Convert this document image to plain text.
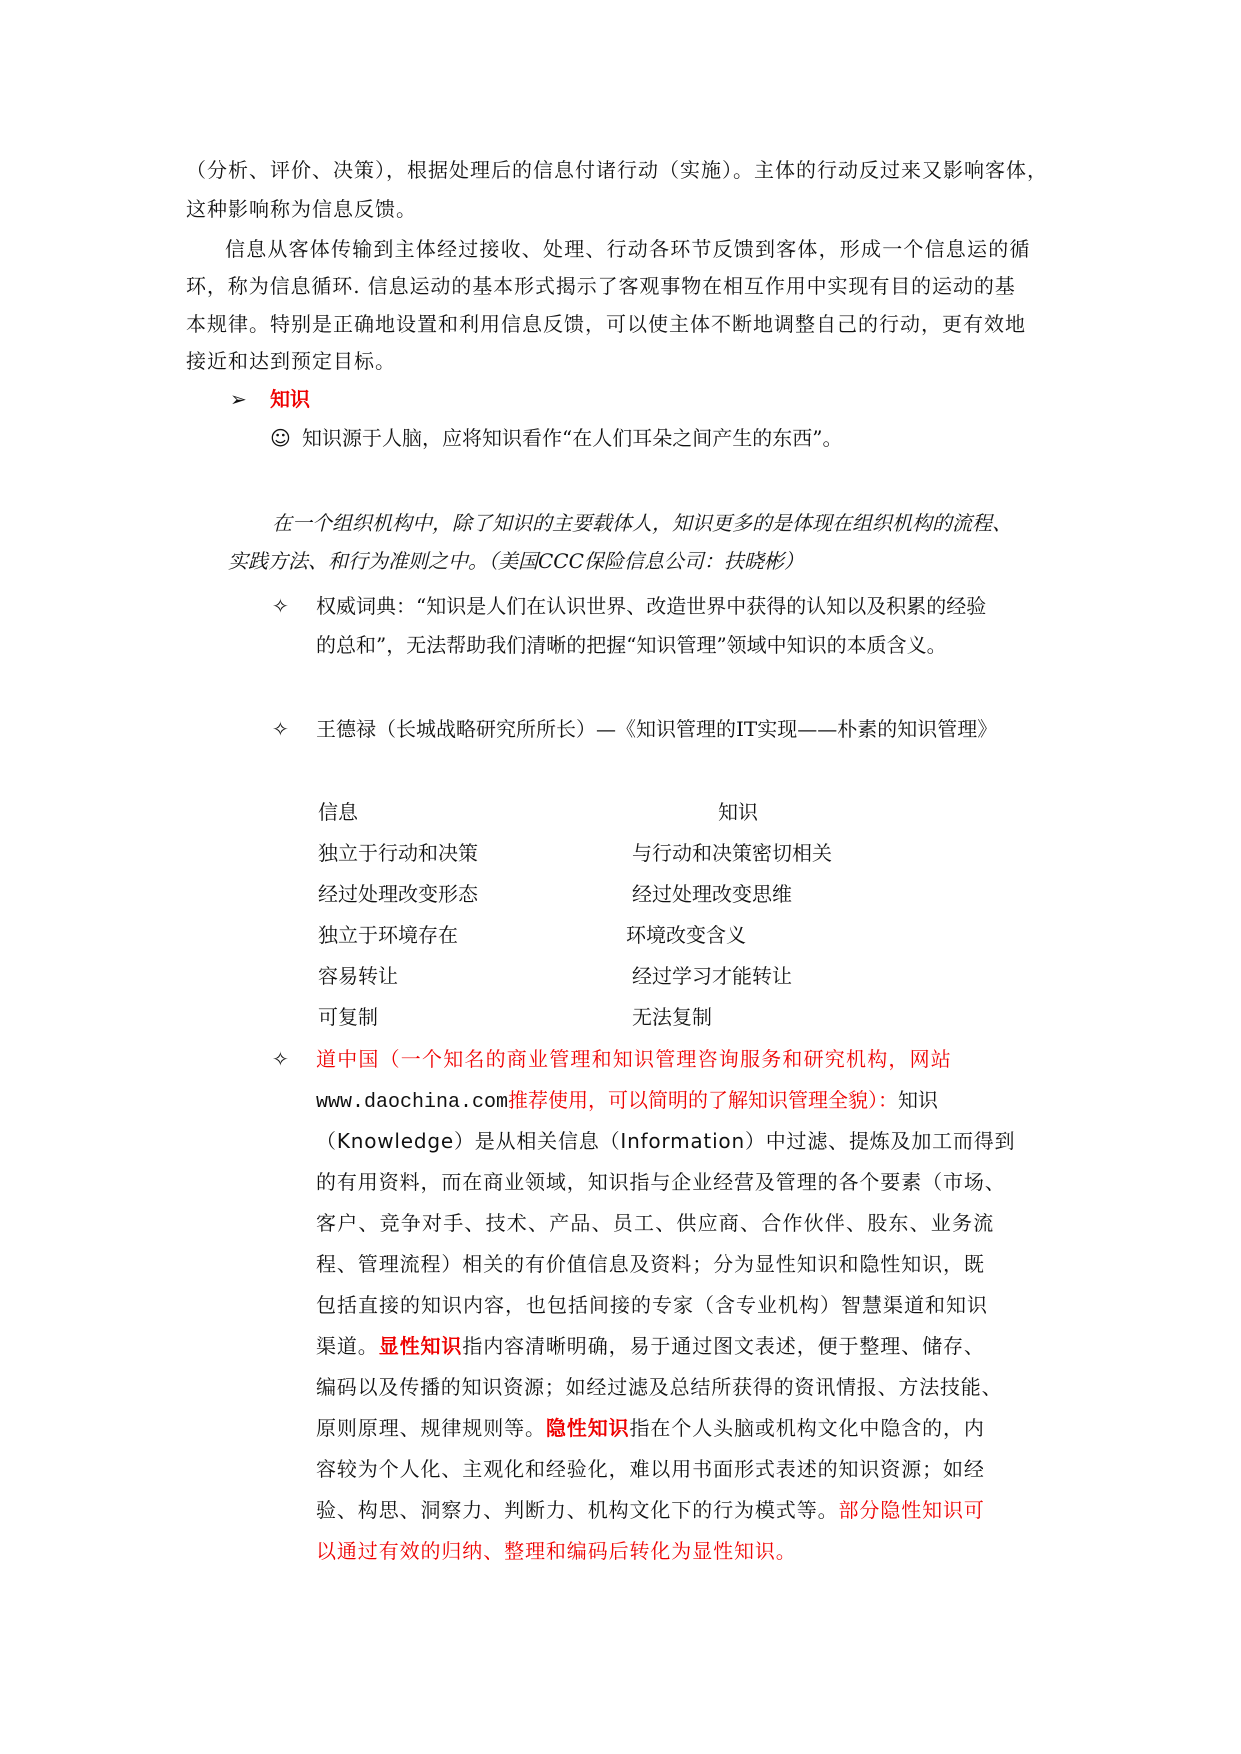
（分析、评价、决策），根据处理后的信息付诸行动（实施）。主体的行动反过来又影响客体，
这种影响称为信息反馈。
信息从客体传输到主体经过接收、处理、行动各环节反馈到客体，形成一个信息运的循
环，称为信息循环. 信息运动的基本形式揭示了客观事物在相互作用中实现有目的运动的基
本规律。特别是正确地设置和利用信息反馈，可以使主体不断地调整自己的行动，更有效地
接近和达到预定目标。
➢ 知识
☺ 知识源于人脑，应将知识看作“在人们耳朵之间产生的东西”。
在一个组织机构中，除了知识的主要载体人，知识更多的是体现在组织机构的流程、
实践方法、和行为准则之中。（美国CCC保险信息公司：扶晓彬）
✧ 权威词典：“知识是人们在认识世界、改造世界中获得的认知以及积累的经验
的总和”，无法帮助我们清晰的把握“知识管理”领域中知识的本质含义。
✧ 王德禄（长城战略研究所所长）—《知识管理的IT实现——朴素的知识管理》
信息	知识
独立于行动和决策	与行动和决策密切相关
经过处理改变形态	经过处理改变思维
独立于环境存在	环境改变含义
容易转让	经过学习才能转让
可复制	无法复制
✧ 道中国（一个知名的商业管理和知识管理咨询服务和研究机构，网站
www.daochina.com推荐使用，可以简明的了解知识管理全貌）：知识
（Knowledge）是从相关信息（Information）中过滤、提炼及加工而得到
的有用资料，而在商业领域，知识指与企业经营及管理的各个要素（市场、
客户、竞争对手、技术、产品、员工、供应商、合作伙伴、股东、业务流
程、管理流程）相关的有价值信息及资料；分为显性知识和隐性知识，既
包括直接的知识内容，也包括间接的专家（含专业机构）智慧渠道和知识
渠道。显性知识指内容清晰明确，易于通过图文表述，便于整理、储存、
编码以及传播的知识资源；如经过滤及总结所获得的资讯情报、方法技能、
原则原理、规律规则等。隐性知识指在个人头脑或机构文化中隐含的，内
容较为个人化、主观化和经验化，难以用书面形式表述的知识资源；如经
验、构思、洞察力、判断力、机构文化下的行为模式等。部分隐性知识可
以通过有效的归纳、整理和编码后转化为显性知识。
